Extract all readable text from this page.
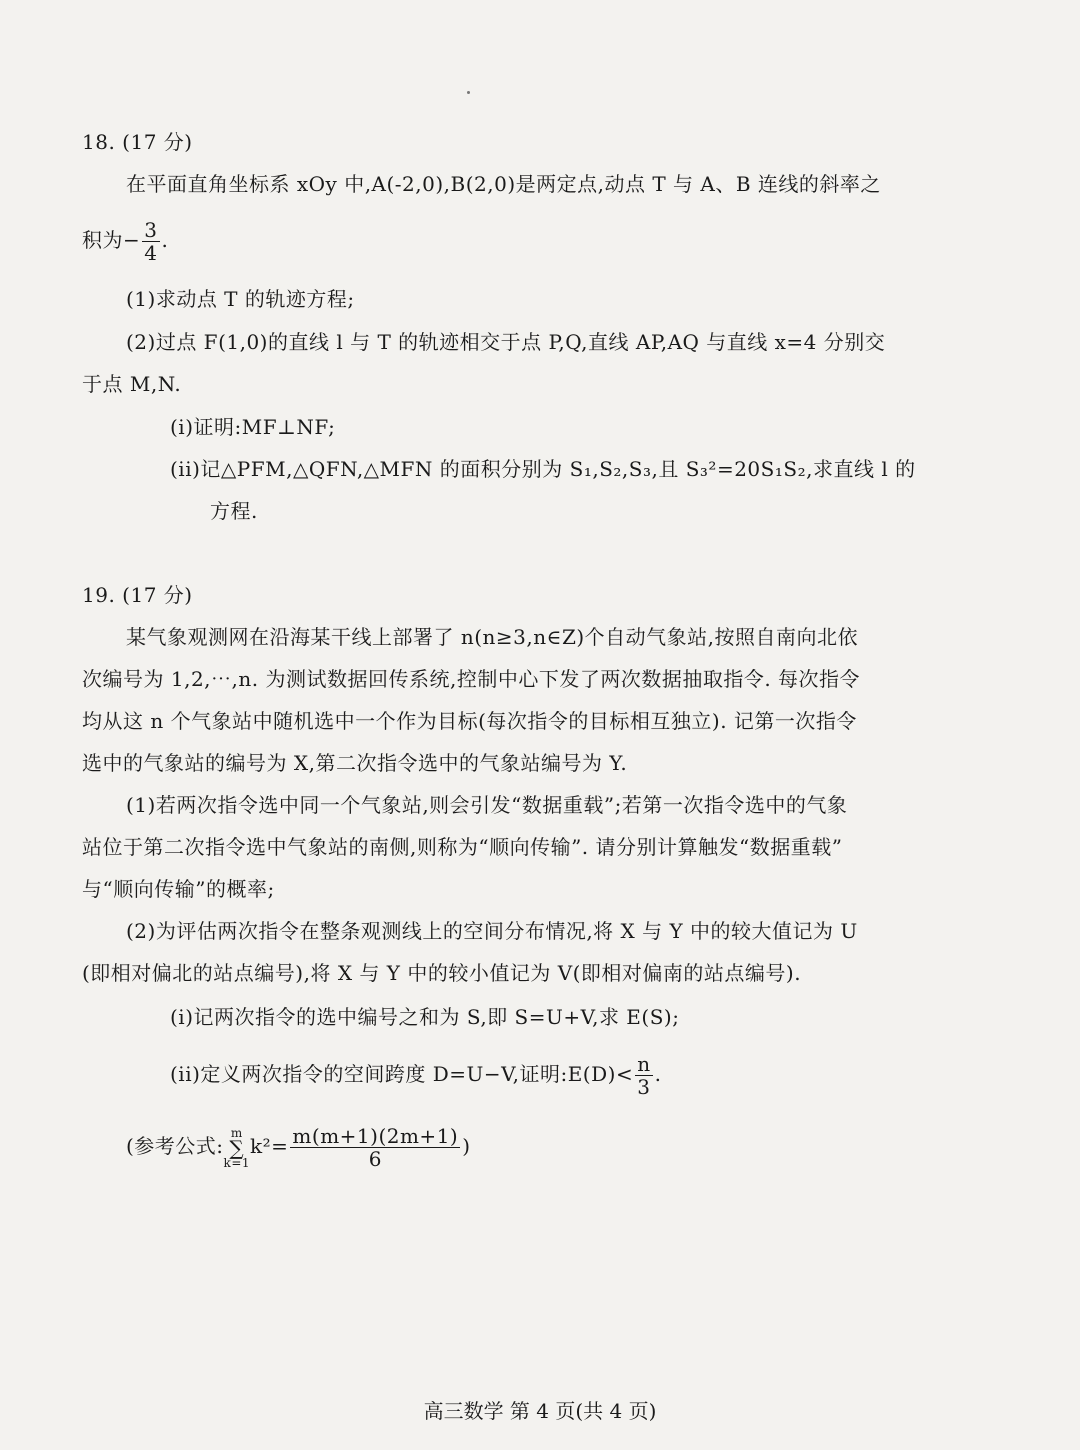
18. (17 分)
在平面直角坐标系 xOy 中,A(-2,0),B(2,0)是两定点,动点 T 与 A、B 连线的斜率之
积为− $\frac{3}{4}$ .
(1)求动点 T 的轨迹方程;
(2)过点 F(1,0)的直线 l 与 T 的轨迹相交于点 P,Q,直线 AP,AQ 与直线 x=4 分别交
于点 M,N.
(i)证明:MF⊥NF;
(ii)记△PFM,△QFN,△MFN 的面积分别为 S₁,S₂,S₃,且 S₃²=20S₁S₂,求直线 l 的
方程.
19. (17 分)
某气象观测网在沿海某干线上部署了 n(n≥3,n∈Z)个自动气象站,按照自南向北依
次编号为 1,2,⋯,n. 为测试数据回传系统,控制中心下发了两次数据抽取指令. 每次指令
均从这 n 个气象站中随机选中一个作为目标(每次指令的目标相互独立). 记第一次指令
选中的气象站的编号为 X,第二次指令选中的气象站编号为 Y.
(1)若两次指令选中同一个气象站,则会引发“数据重载”;若第一次指令选中的气象
站位于第二次指令选中气象站的南侧,则称为“顺向传输”. 请分别计算触发“数据重载”
与“顺向传输”的概率;
(2)为评估两次指令在整条观测线上的空间分布情况,将 X 与 Y 中的较大值记为 U
(即相对偏北的站点编号),将 X 与 Y 中的较小值记为 V(即相对偏南的站点编号).
(i)记两次指令的选中编号之和为 S,即 S=U+V,求 E(S);
(ii)定义两次指令的空间跨度 D=U−V,证明:E(D)< $\frac{n}{3}$ .
(参考公式:m
∑
$k=1k^2= \frac{m(m+1)(2m+1)}{6}$ )
高三数学 第 4 页(共 4 页)
